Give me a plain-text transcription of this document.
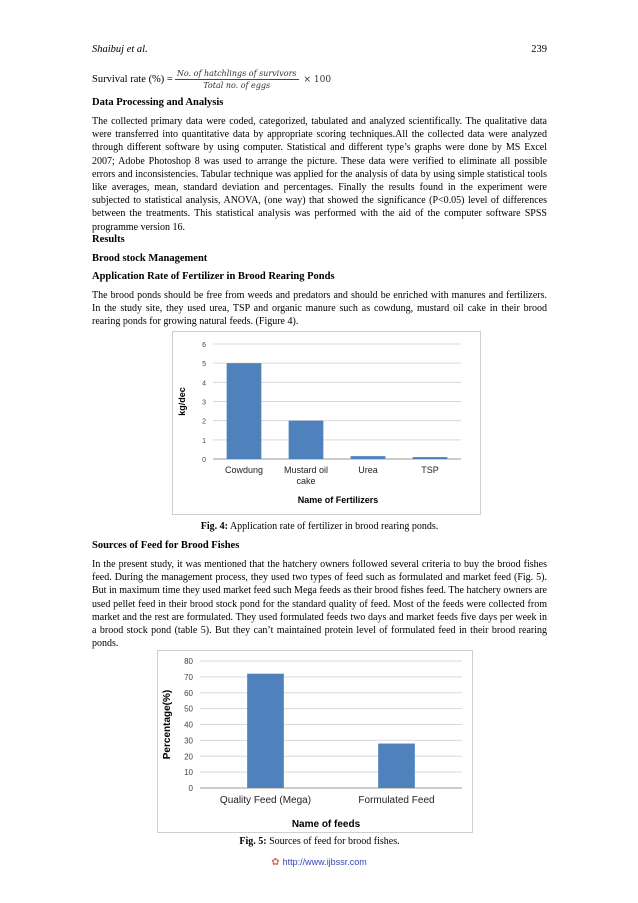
Shaibuj et al.	239
Survival rate (%) = $\frac{\text{No. of hatchlings of survivors}}{\text{Total no. of eggs}} \times 100$
Data Processing and Analysis

The collected primary data were coded, categorized, tabulated and analyzed scientifically. The qualitative data were transferred into quantitative data by appropriate scoring techniques.All the collected data were analyzed through different software by using computer. Statistical and different type’s graphs were done by MS Excel 2007; Adobe Photoshop 8 was used to arrange the picture. These data were verified to eliminate all possible errors and inconsistencies. Tabular technique was applied for the analysis of data by using simple statistical tools like averages, mean, standard deviation and percentages. Finally the results found in the experiment were subjected to statistical analysis, ANOVA, (one way) that showed the significance (P<0.05) level of differences between the treatments. This statistical analysis was performed with the aid of the computer software SPSS programme version 16.

Results
Brood stock Management
Application Rate of Fertilizer in Brood Rearing Ponds

The brood ponds should be free from weeds and predators and should be enriched with manures and fertilizers. In the study site, they used urea, TSP and organic manure such as cowdung, mustard oil cake in their brood rearing ponds for growing natural feeds. (Figure 4).

0
1
2
3
4
5
6
Cowdung Mustard oil
cake
Urea	TSP
kg/dec
Name of Fertilizers
Fig. 4: Application rate of fertilizer in brood rearing ponds.
Sources of Feed for Brood Fishes

In the present study, it was mentioned that the hatchery owners followed several criteria to buy the brood fishes feed. During the management process, they used two types of feed such as formulated and market feed (Fig. 5). But in maximum time they used market feed such Mega feeds as their brood fishes feed. The hatchery owners are used pellet feed in their brood stock pond for the standard quality of feed. Most of the feeds were collected from market and the rest are formulated. They used formulated feeds two days and market feeds five days per week in a brood stock pond (table 5). But they can’t maintained protein level of formulated feed in their brood rearing ponds.

0
10
20
30
40
50
60
70
80
Quality Feed (Mega)	Formulated Feed
Percentage(%)
Name of feeds
Fig. 5: Sources of feed for brood fishes.
✿ http://www.ijbssr.com
